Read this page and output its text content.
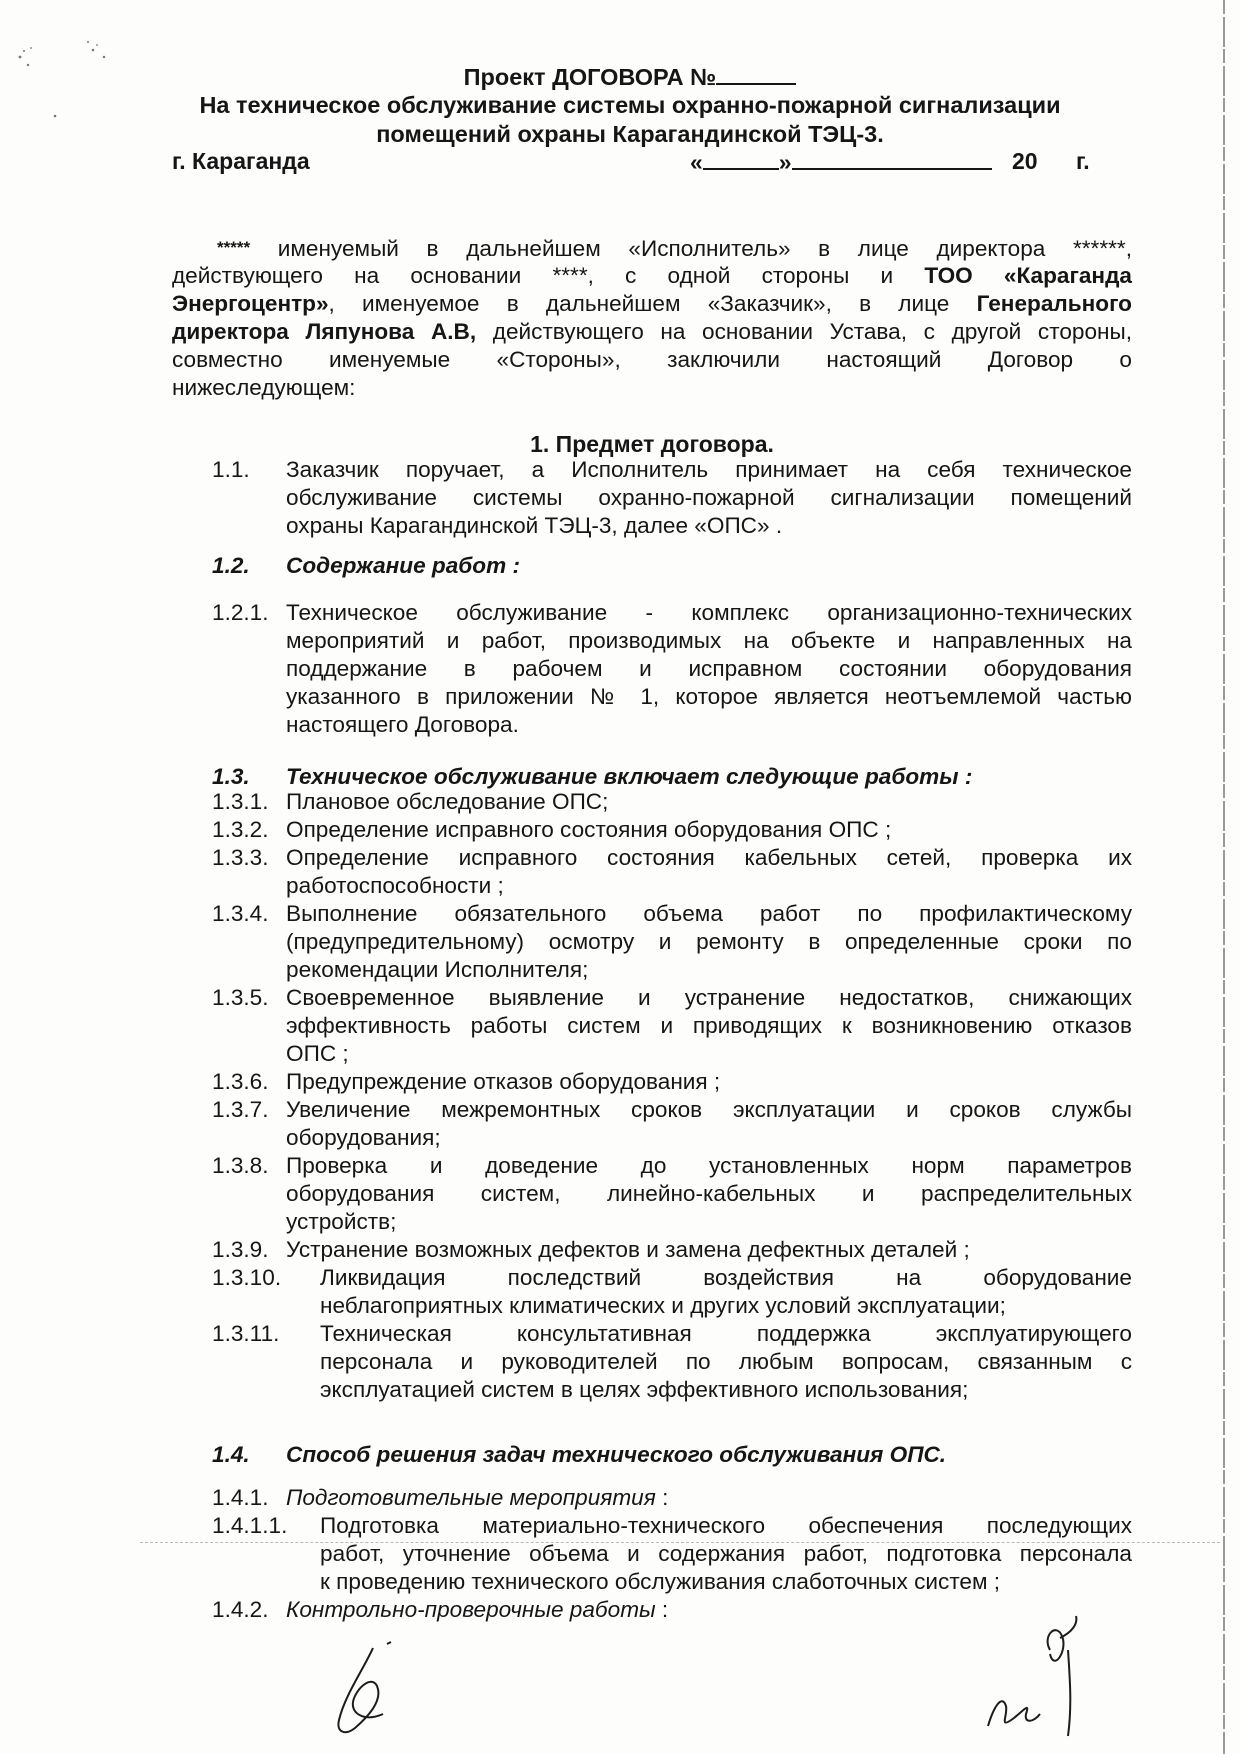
Проект ДОГОВОРА №
На техническое обслуживание системы охранно-пожарной сигнализации
помещений охраны Карагандинской ТЭЦ-3.
г. Караганда	«	»	20 г.
***** именуемый в дальнейшем «Исполнитель» в лице директора ******,
действующего на основании ****, с одной стороны и ТОО «Караганда
Энергоцентр», именуемое в дальнейшем «Заказчик», в лице Генерального
директора Ляпунова А.В, действующего на основании Устава, с другой стороны,
совместно именуемые «Стороны», заключили настоящий Договор о
нижеследующем:
1. Предмет договора.
1.1. Заказчик поручает, а Исполнитель принимает на себя техническое
обслуживание системы охранно-пожарной сигнализации помещений
охраны Карагандинской ТЭЦ-3, далее «ОПС» .
1.2. Содержание работ :
1.2.1. Техническое обслуживание - комплекс организационно-технических
мероприятий и работ, производимых на объекте и направленных на
поддержание в рабочем и исправном состоянии оборудования
указанного в приложении № 1, которое является неотъемлемой частью
настоящего Договора.
1.3. Техническое обслуживание включает следующие работы :
1.3.1. Плановое обследование ОПС;
1.3.2. Определение исправного состояния оборудования ОПС ;
1.3.3. Определение исправного состояния кабельных сетей, проверка их
работоспособности ;
1.3.4. Выполнение обязательного объема работ по профилактическому
(предупредительному) осмотру и ремонту в определенные сроки по
рекомендации Исполнителя;
1.3.5. Своевременное выявление и устранение недостатков, снижающих
эффективность работы систем и приводящих к возникновению отказов
ОПС ;
1.3.6. Предупреждение отказов оборудования ;
1.3.7. Увеличение межремонтных сроков эксплуатации и сроков службы
оборудования;
1.3.8. Проверка и доведение до установленных норм параметров
оборудования систем, линейно-кабельных и распределительных
устройств;
1.3.9. Устранение возможных дефектов и замена дефектных деталей ;
1.3.10. Ликвидация последствий воздействия на оборудование
неблагоприятных климатических и других условий эксплуатации;
1.3.11. Техническая консультативная поддержка эксплуатирующего
персонала и руководителей по любым вопросам, связанным с
эксплуатацией систем в целях эффективного использования;
1.4. Способ решения задач технического обслуживания ОПС.
1.4.1. Подготовительные мероприятия :
1.4.1.1. Подготовка материально-технического обеспечения последующих
работ, уточнение объема и содержания работ, подготовка персонала
к проведению технического обслуживания слаботочных систем ;
1.4.2. Контрольно-проверочные работы :
